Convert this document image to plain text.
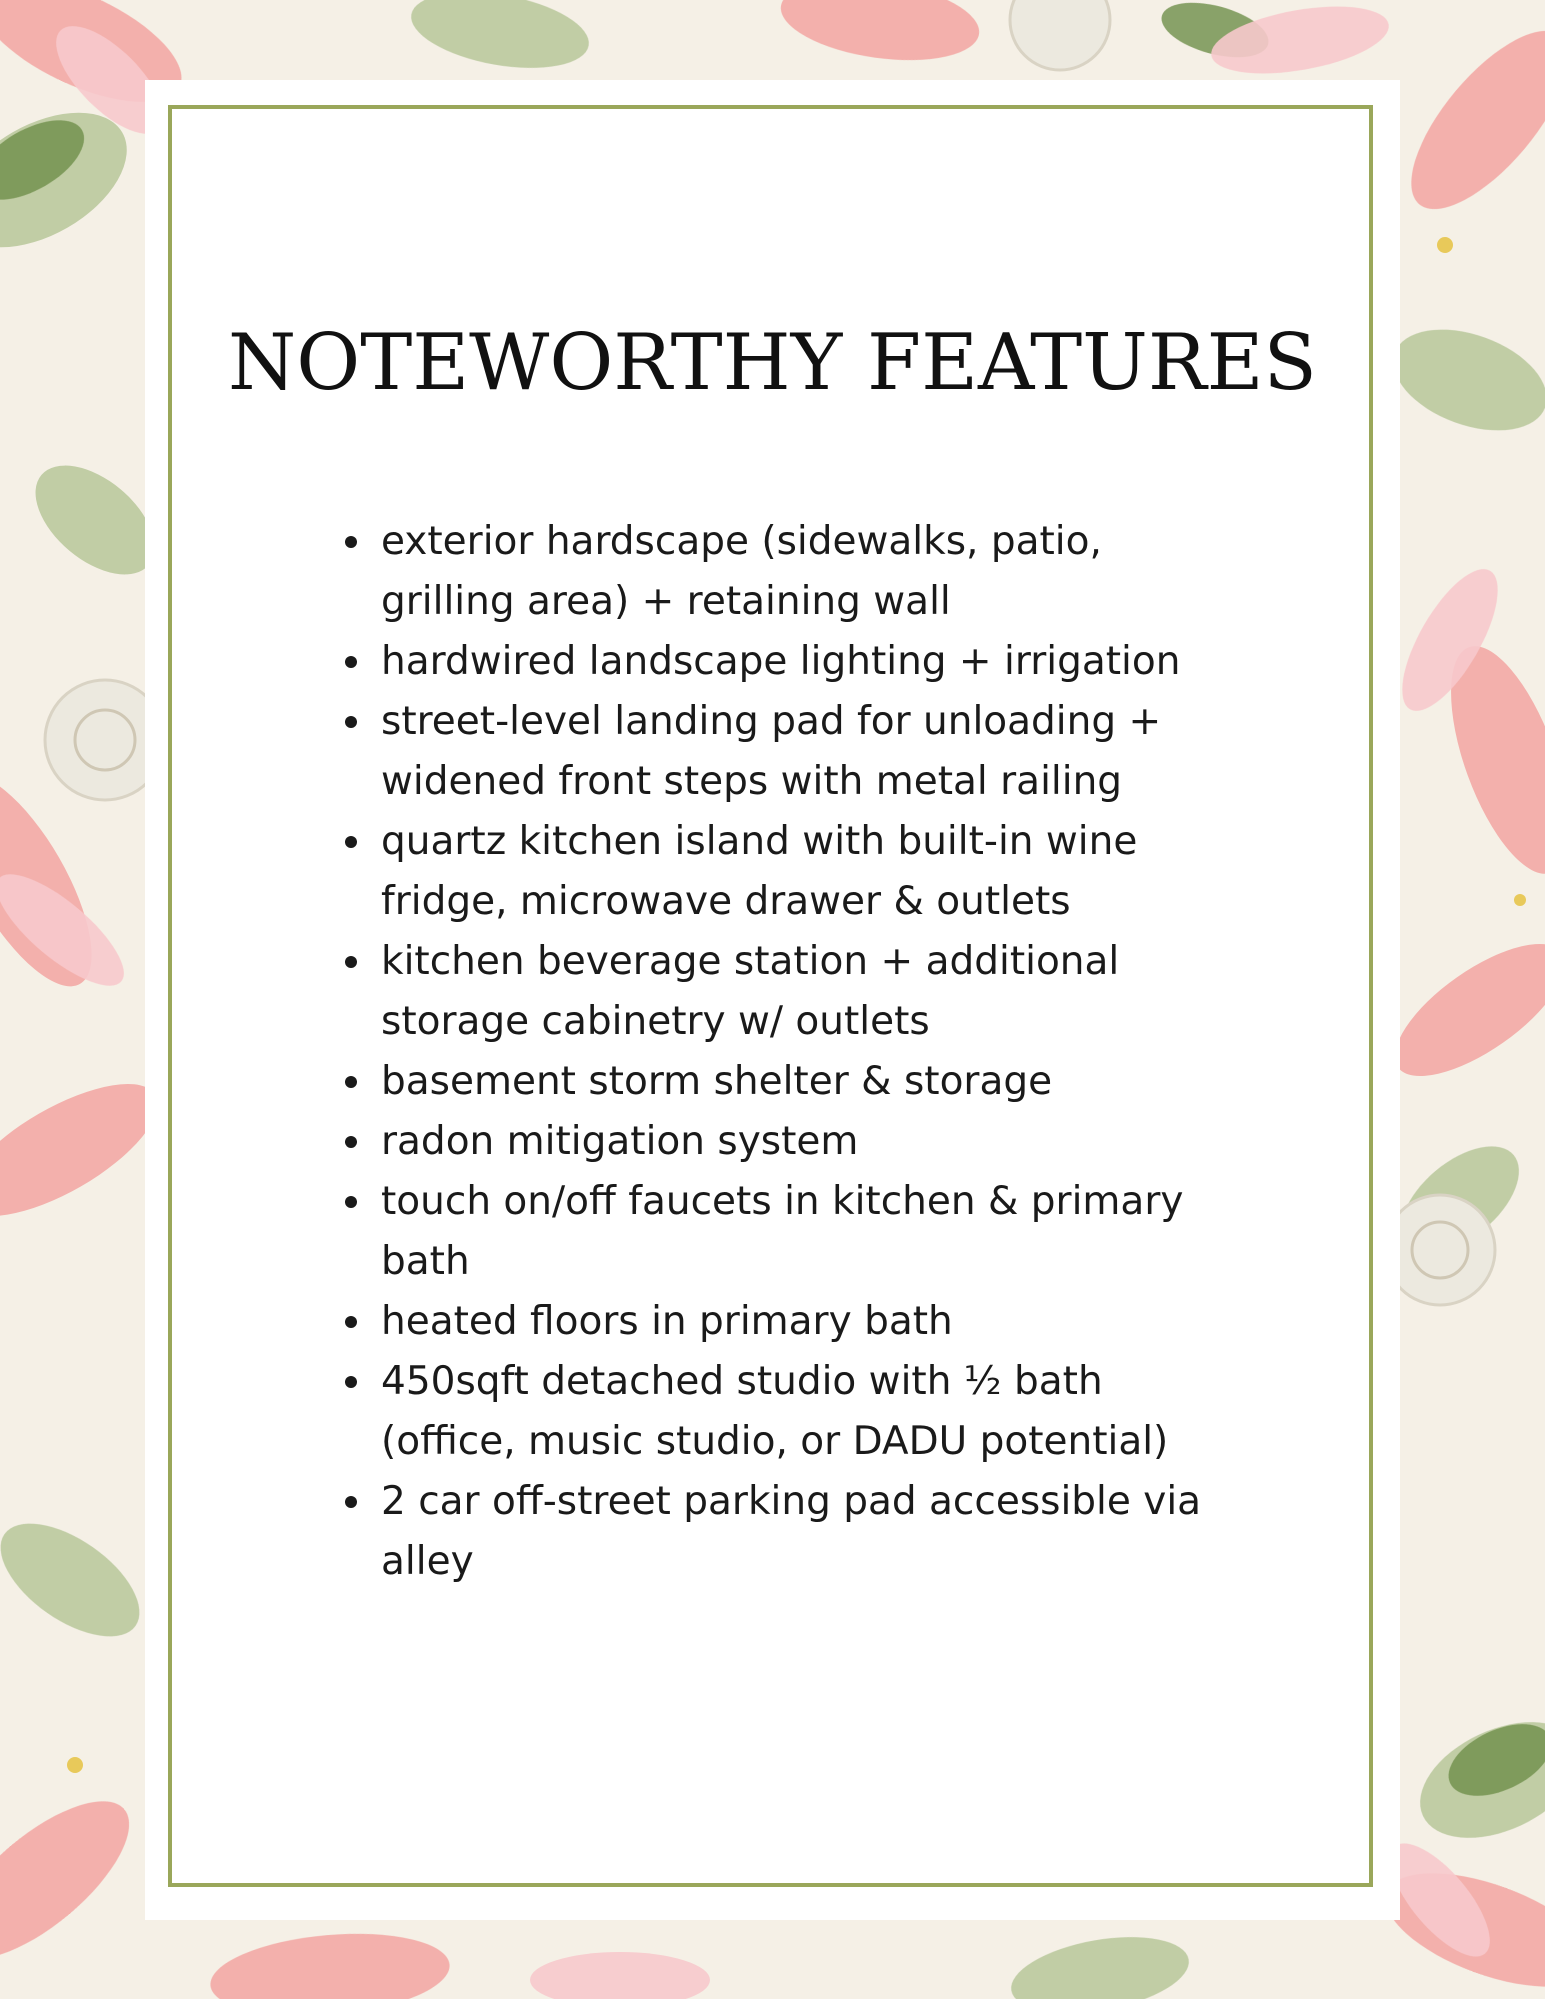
NOTEWORTHY FEATURES
exterior hardscape (sidewalks, patio, grilling area) + retaining wall
hardwired landscape lighting + irrigation
street-level landing pad for unloading + widened front steps with metal railing
quartz kitchen island with built-in wine fridge, microwave drawer & outlets
kitchen beverage station + additional storage cabinetry w/ outlets
basement storm shelter & storage
radon mitigation system
touch on/off faucets in kitchen & primary bath
heated floors in primary bath
450sqft detached studio with ½ bath (office, music studio, or DADU potential)
2 car off-street parking pad accessible via alley
